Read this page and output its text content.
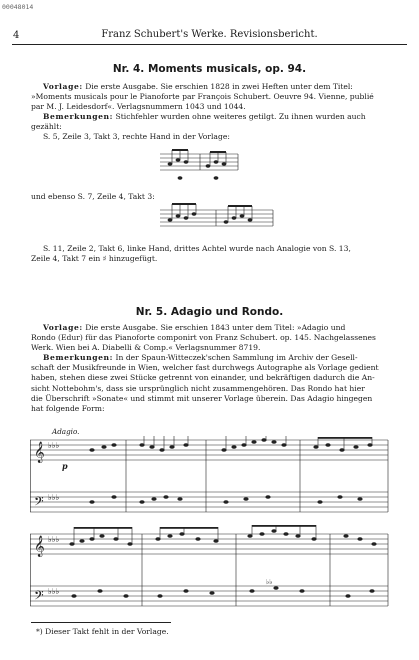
00048014
4	Franz Schubert's Werke. Revisionsbericht.
Nr. 4. Moments musicals, op. 94.
Vorlage: Die erste Ausgabe. Sie erschien 1828 in zwei Heften unter dem Titel:
»Moments musicals pour le Pianoforte par François Schubert. Oeuvre 94. Vienne, publié
par M. J. Leidesdorf«. Verlagsnummern 1043 und 1044.
Bemerkungen: Stichfehler wurden ohne weiteres getilgt. Zu ihnen wurden auch
gezählt:
S. 5, Zeile 3, Takt 3, rechte Hand in der Vorlage:
und ebenso S. 7, Zeile 4, Takt 3:
S. 11, Zeile 2, Takt 6, linke Hand, drittes Achtel wurde nach Analogie von S. 13,
Zeile 4, Takt 7 ein ♯ hinzugefügt.
Nr. 5. Adagio und Rondo.
Vorlage: Die erste Ausgabe. Sie erschien 1843 unter dem Titel: »Adagio und
Rondo (Edur) für das Pianoforte componirt von Franz Schubert. op. 145. Nachgelassenes
Werk. Wien bei A. Diabelli & Comp.« Verlagsnummer 8719.
Bemerkungen: In der Spaun-Witteczek'schen Sammlung im Archiv der Gesell-
schaft der Musikfreunde in Wien, welcher fast durchwegs Autographe als Vorlage gedient
haben, stehen diese zwei Stücke getrennt von einander, und bekräftigen dadurch die An-
sicht Nottebohm's, dass sie ursprünglich nicht zusammengehören. Das Rondo hat hier
die Überschrift »Sonate« und stimmt mit unserer Vorlage überein. Das Adagio hingegen
hat folgende Form:
Adagio.
p
𝄞
𝄢
♭♭♭
♭♭♭
𝄞
𝄢
♭♭♭
♭♭♭
♭♭
*) Dieser Takt fehlt in der Vorlage.
